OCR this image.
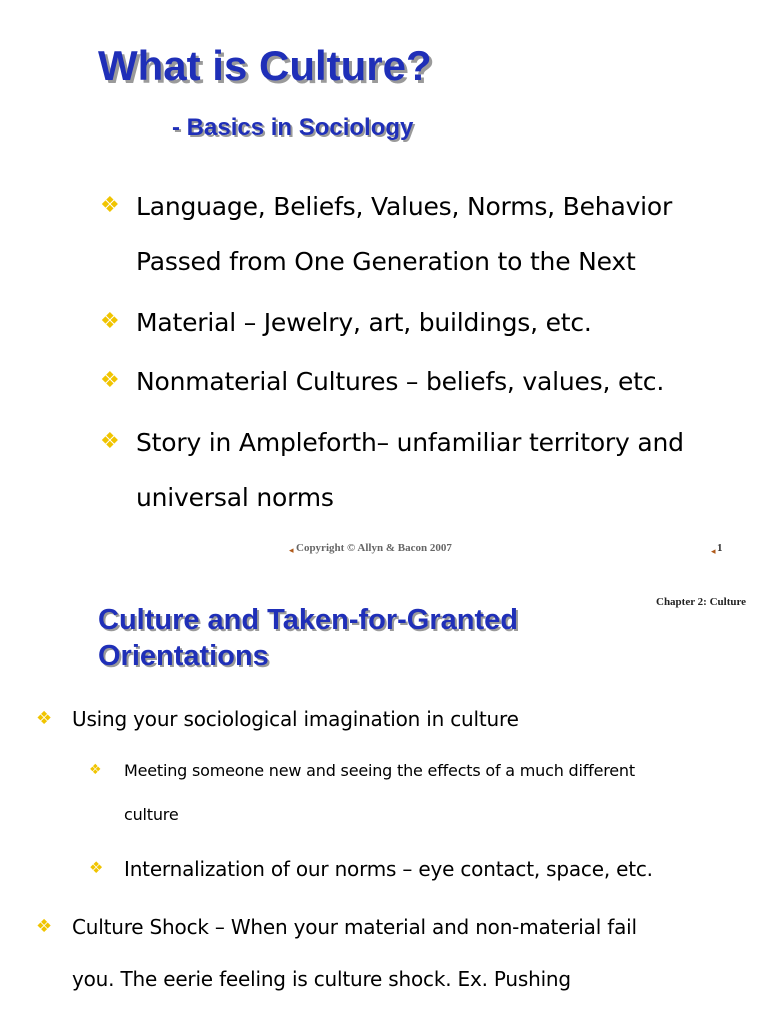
What is Culture?
- Basics in Sociology
❖ Language, Beliefs, Values, Norms, Behavior
Passed from One Generation to the Next
❖ Material – Jewelry, art, buildings, etc.
❖ Nonmaterial Cultures – beliefs, values, etc.
❖ Story in Ampleforth– unfamiliar territory and
universal norms
◂ Copyright © Allyn & Bacon 2007	◂ 1
Chapter 2: Culture
Culture and Taken-for-Granted
Orientations
❖ Using your sociological imagination in culture
❖ Meeting someone new and seeing the effects of a much different
culture
❖ Internalization of our norms – eye contact, space, etc.
❖ Culture Shock – When your material and non-material fail
you. The eerie feeling is culture shock. Ex. Pushing
